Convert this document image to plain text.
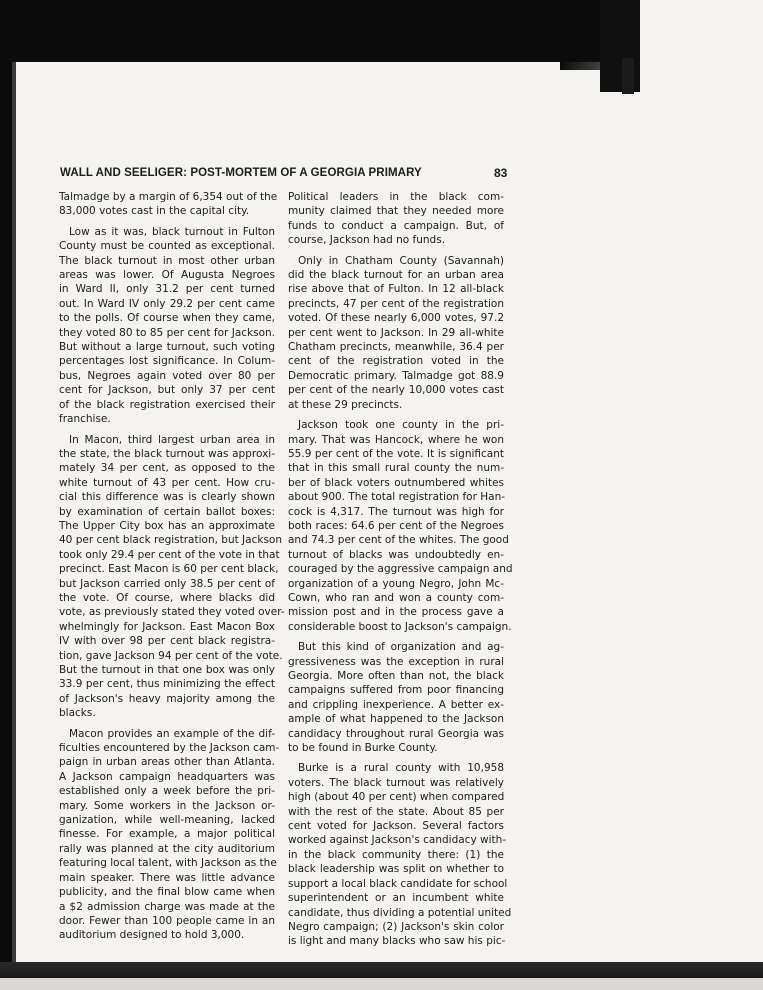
WALL AND SEELIGER: POST-MORTEM OF A GEORGIA PRIMARY	83
Talmadge by a margin of 6,354 out of the
83,000 votes cast in the capital city.
Low as it was, black turnout in Fulton
County must be counted as exceptional.
The black turnout in most other urban
areas was lower. Of Augusta Negroes
in Ward II, only 31.2 per cent turned
out. In Ward IV only 29.2 per cent came
to the polls. Of course when they came,
they voted 80 to 85 per cent for Jackson.
But without a large turnout, such voting
percentages lost significance. In Colum-
bus, Negroes again voted over 80 per
cent for Jackson, but only 37 per cent
of the black registration exercised their
franchise.
In Macon, third largest urban area in
the state, the black turnout was approxi-
mately 34 per cent, as opposed to the
white turnout of 43 per cent. How cru-
cial this difference was is clearly shown
by examination of certain ballot boxes:
The Upper City box has an approximate
40 per cent black registration, but Jackson
took only 29.4 per cent of the vote in that
precinct. East Macon is 60 per cent black,
but Jackson carried only 38.5 per cent of
the vote. Of course, where blacks did
vote, as previously stated they voted over-
whelmingly for Jackson. East Macon Box
IV with over 98 per cent black registra-
tion, gave Jackson 94 per cent of the vote.
But the turnout in that one box was only
33.9 per cent, thus minimizing the effect
of Jackson's heavy majority among the
blacks.
Macon provides an example of the dif-
ficulties encountered by the Jackson cam-
paign in urban areas other than Atlanta.
A Jackson campaign headquarters was
established only a week before the pri-
mary. Some workers in the Jackson or-
ganization, while well-meaning, lacked
finesse. For example, a major political
rally was planned at the city auditorium
featuring local talent, with Jackson as the
main speaker. There was little advance
publicity, and the final blow came when
a $2 admission charge was made at the
door. Fewer than 100 people came in an
auditorium designed to hold 3,000.
Political leaders in the black com-
munity claimed that they needed more
funds to conduct a campaign. But, of
course, Jackson had no funds.
Only in Chatham County (Savannah)
did the black turnout for an urban area
rise above that of Fulton. In 12 all-black
precincts, 47 per cent of the registration
voted. Of these nearly 6,000 votes, 97.2
per cent went to Jackson. In 29 all-white
Chatham precincts, meanwhile, 36.4 per
cent of the registration voted in the
Democratic primary. Talmadge got 88.9
per cent of the nearly 10,000 votes cast
at these 29 precincts.
Jackson took one county in the pri-
mary. That was Hancock, where he won
55.9 per cent of the vote. It is significant
that in this small rural county the num-
ber of black voters outnumbered whites
about 900. The total registration for Han-
cock is 4,317. The turnout was high for
both races: 64.6 per cent of the Negroes
and 74.3 per cent of the whites. The good
turnout of blacks was undoubtedly en-
couraged by the aggressive campaign and
organization of a young Negro, John Mc-
Cown, who ran and won a county com-
mission post and in the process gave a
considerable boost to Jackson's campaign.
But this kind of organization and ag-
gressiveness was the exception in rural
Georgia. More often than not, the black
campaigns suffered from poor financing
and crippling inexperience. A better ex-
ample of what happened to the Jackson
candidacy throughout rural Georgia was
to be found in Burke County.
Burke is a rural county with 10,958
voters. The black turnout was relatively
high (about 40 per cent) when compared
with the rest of the state. About 85 per
cent voted for Jackson. Several factors
worked against Jackson's candidacy with-
in the black community there: (1) the
black leadership was split on whether to
support a local black candidate for school
superintendent or an incumbent white
candidate, thus dividing a potential united
Negro campaign; (2) Jackson's skin color
is light and many blacks who saw his pic-
